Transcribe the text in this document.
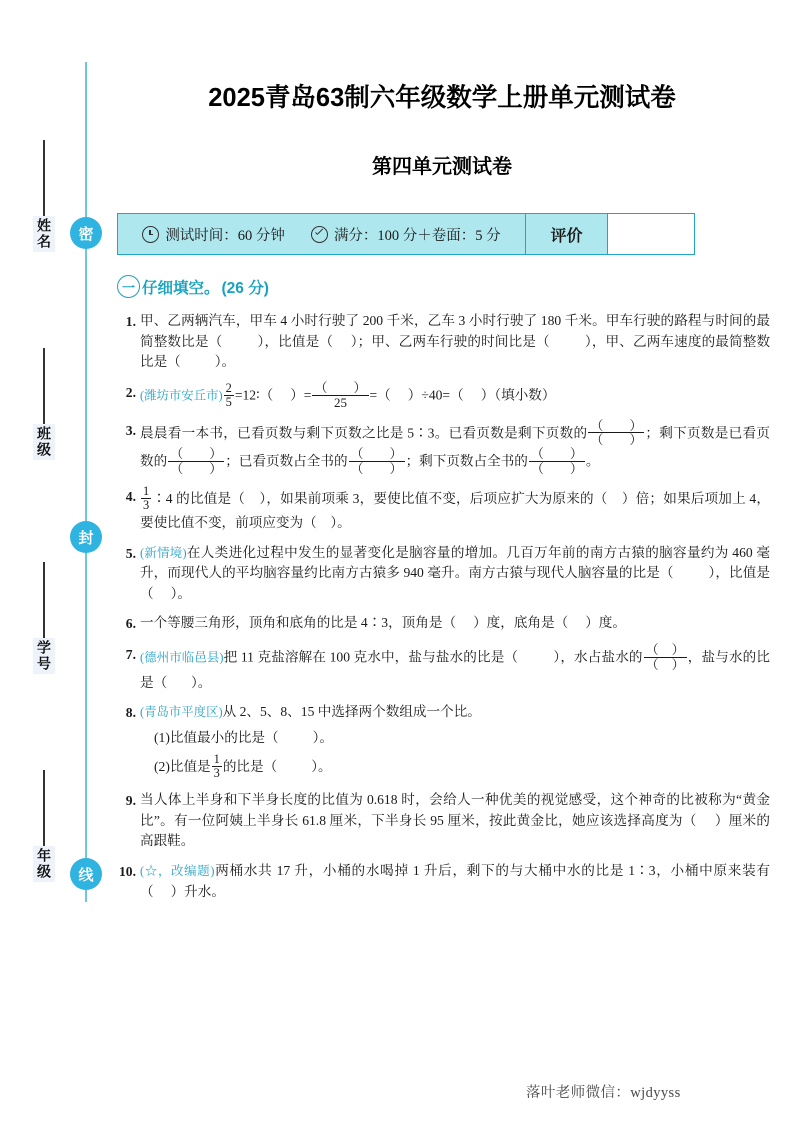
密
封
线
姓名
班级
学号
年级
2025青岛63制六年级数学上册单元测试卷
第四单元测试卷
测试时间：60 分钟	满分：100 分＋卷面：5 分	评价
一 仔细填空。 (26 分)
1. 甲、乙两辆汽车，甲车 4 小时行驶了 200 千米，乙车 3 小时行驶了 180 千米。甲车行驶的路程与时间的最简整数比是（	），比值是（ ）；甲、乙两车行驶的时间比是（	），甲、乙两车速度的最简整数比是（ ）。
2. (潍坊市安丘市) $\frac{2}{5}$ =12∶（ ）= $\frac{( )}{25}$ =（ ）÷40=（ ）（填小数）
3. 晨晨看一本书，已看页数与剩下页数之比是 5∶3。已看页数是剩下页数的 $\frac{( )}{( )}$ ；剩下页数是已看页数的 $\frac{( )}{( )}$ ；已看页数占全书的 $\frac{( )}{( )}$ ；剩下页数占全书的 $\frac{( )}{( )}$ 。
4. $\frac{1}{3}$ ∶4 的比值是（ ），如果前项乘 3，要使比值不变，后项应扩大为原来的（ ）倍；如果后项加上 4，要使比值不变，前项应变为（ ）。
5. (新情境)在人类进化过程中发生的显著变化是脑容量的增加。几百万年前的南方古猿的脑容量约为 460 毫升，而现代人的平均脑容量约比南方古猿多 940 毫升。南方古猿与现代人脑容量的比是（	），比值是（ ）。
6. 一个等腰三角形，顶角和底角的比是 4∶3，顶角是（ ）度，底角是（ ）度。
7. (德州市临邑县)把 11 克盐溶解在 100 克水中，盐与盐水的比是（	），水占盐水的 $\frac{( )}{( )}$ ，盐与水的比是（ ）。
8. (青岛市平度区)从 2、5、8、15 中选择两个数组成一个比。
(1)比值最小的比是（ ）。
(2)比值是 $\frac{1}{3}$ 的比是（ ）。
9. 当人体上半身和下半身长度的比值为 0.618 时，会给人一种优美的视觉感受，这个神奇的比被称为“黄金比”。有一位阿姨上半身长 61.8 厘米，下半身长 95 厘米，按此黄金比，她应该选择高度为（ ）厘米的高跟鞋。
10. (☆，改编题)两桶水共 17 升，小桶的水喝掉 1 升后，剩下的与大桶中水的比是 1∶3，小桶中原来装有（ ）升水。
落叶老师微信：wjdyyss
